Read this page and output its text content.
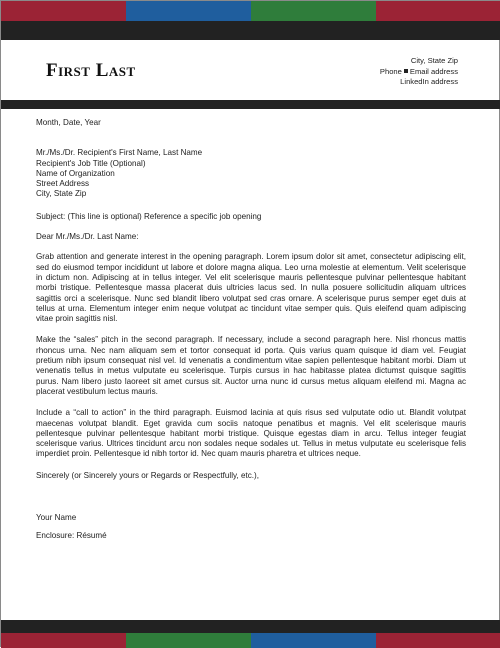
First Last	City, State Zip
Phone Email address
LinkedIn address

Month, Date, Year

Mr./Ms./Dr. Recipient's First Name, Last Name

Recipient's Job Title (Optional)

Name of Organization

Street Address

City, State Zip

Subject: (This line is optional) Reference a specific job opening

Dear Mr./Ms./Dr. Last Name:

Grab attention and generate interest in the opening paragraph. Lorem ipsum dolor sit amet, consectetur adipiscing elit, sed do eiusmod tempor incididunt ut labore et dolore magna aliqua. Leo urna molestie at elementum. Velit scelerisque in dictum non. Adipiscing at in tellus integer. Vel elit scelerisque mauris pellentesque pulvinar pellentesque habitant morbi tristique. Pellentesque massa placerat duis ultricies lacus sed. In nulla posuere sollicitudin aliquam ultrices sagittis orci a scelerisque. Nunc sed blandit libero volutpat sed cras ornare. A scelerisque purus semper eget duis at tellus at urna. Elementum integer enim neque volutpat ac tincidunt vitae semper quis. Quis eleifend quam adipiscing vitae proin sagittis nisl.

Make the “sales” pitch in the second paragraph. If necessary, include a second paragraph here. Nisl rhoncus mattis rhoncus urna. Nec nam aliquam sem et tortor consequat id porta. Quis varius quam quisque id diam vel. Feugiat pretium nibh ipsum consequat nisl vel. Id venenatis a condimentum vitae sapien pellentesque habitant morbi. Diam ut venenatis tellus in metus vulputate eu scelerisque. Turpis cursus in hac habitasse platea dictumst quisque sagittis purus. Nam libero justo laoreet sit amet cursus sit. Auctor urna nunc id cursus metus aliquam eleifend mi. Magna ac placerat vestibulum lectus mauris.

Include a “call to action” in the third paragraph. Euismod lacinia at quis risus sed vulputate odio ut. Blandit volutpat maecenas volutpat blandit. Eget gravida cum sociis natoque penatibus et magnis. Vel elit scelerisque mauris pellentesque pulvinar pellentesque habitant morbi tristique. Quisque egestas diam in arcu. Tellus integer feugiat scelerisque varius. Ultrices tincidunt arcu non sodales neque sodales ut. Tellus in metus vulputate eu scelerisque felis imperdiet proin. Pellentesque id nibh tortor id. Nec quam mauris pharetra et ultrices neque.

Sincerely (or Sincerely yours or Regards or Respectfully, etc.),

Your Name

Enclosure: Résumé
